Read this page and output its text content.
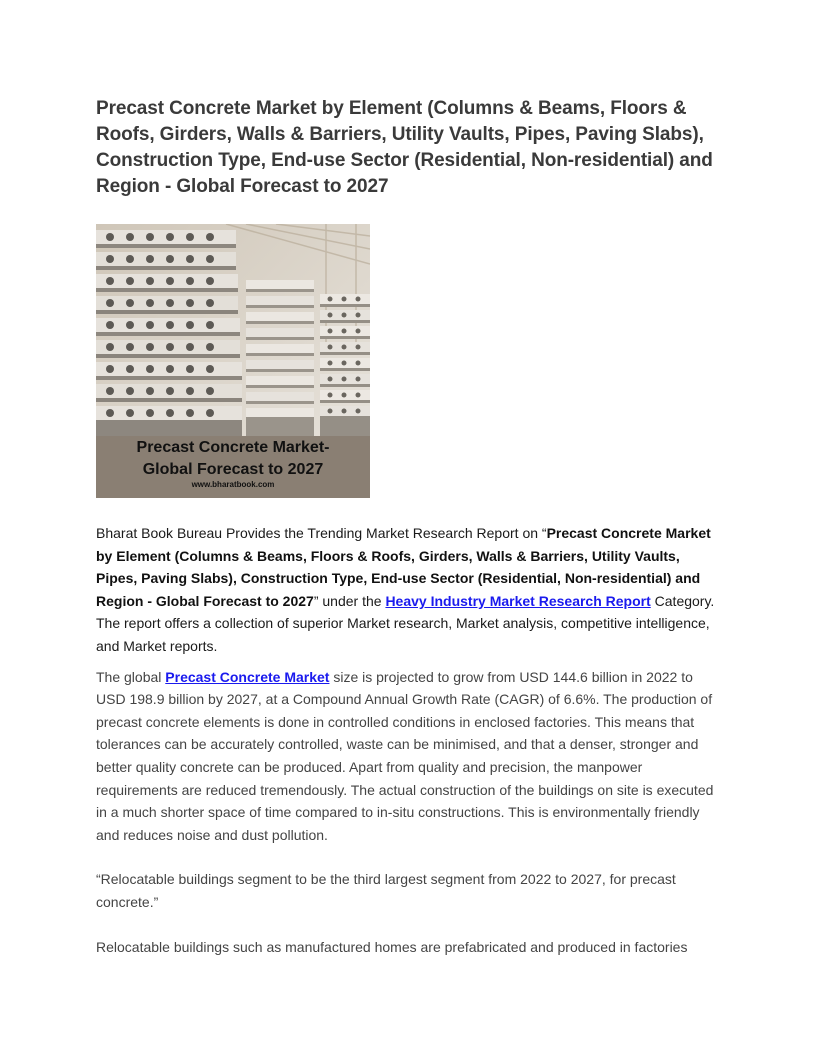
Precast Concrete Market by Element (Columns & Beams, Floors & Roofs, Girders, Walls & Barriers, Utility Vaults, Pipes, Paving Slabs), Construction Type, End-use Sector (Residential, Non-residential) and Region - Global Forecast to 2027
Precast Concrete Market-
Global Forecast to 2027
www.bharatbook.com

Bharat Book Bureau Provides the Trending Market Research Report on “Precast Concrete Market by Element (Columns & Beams, Floors & Roofs, Girders, Walls & Barriers, Utility Vaults, Pipes, Paving Slabs), Construction Type, End-use Sector (Residential, Non-residential) and Region - Global Forecast to 2027” under the Heavy Industry Market Research Report Category. The report offers a collection of superior Market research, Market analysis, competitive intelligence, and Market reports.

The global Precast Concrete Market size is projected to grow from USD 144.6 billion in 2022 to USD 198.9 billion by 2027, at a Compound Annual Growth Rate (CAGR) of 6.6%. The production of precast concrete elements is done in controlled conditions in enclosed factories. This means that tolerances can be accurately controlled, waste can be minimised, and that a denser, stronger and better quality concrete can be produced. Apart from quality and precision, the manpower requirements are reduced tremendously. The actual construction of the buildings on site is executed in a much shorter space of time compared to in-situ constructions. This is environmentally friendly and reduces noise and dust pollution.

“Relocatable buildings segment to be the third largest segment from 2022 to 2027, for precast concrete.”

Relocatable buildings such as manufactured homes are prefabricated and produced in factories
